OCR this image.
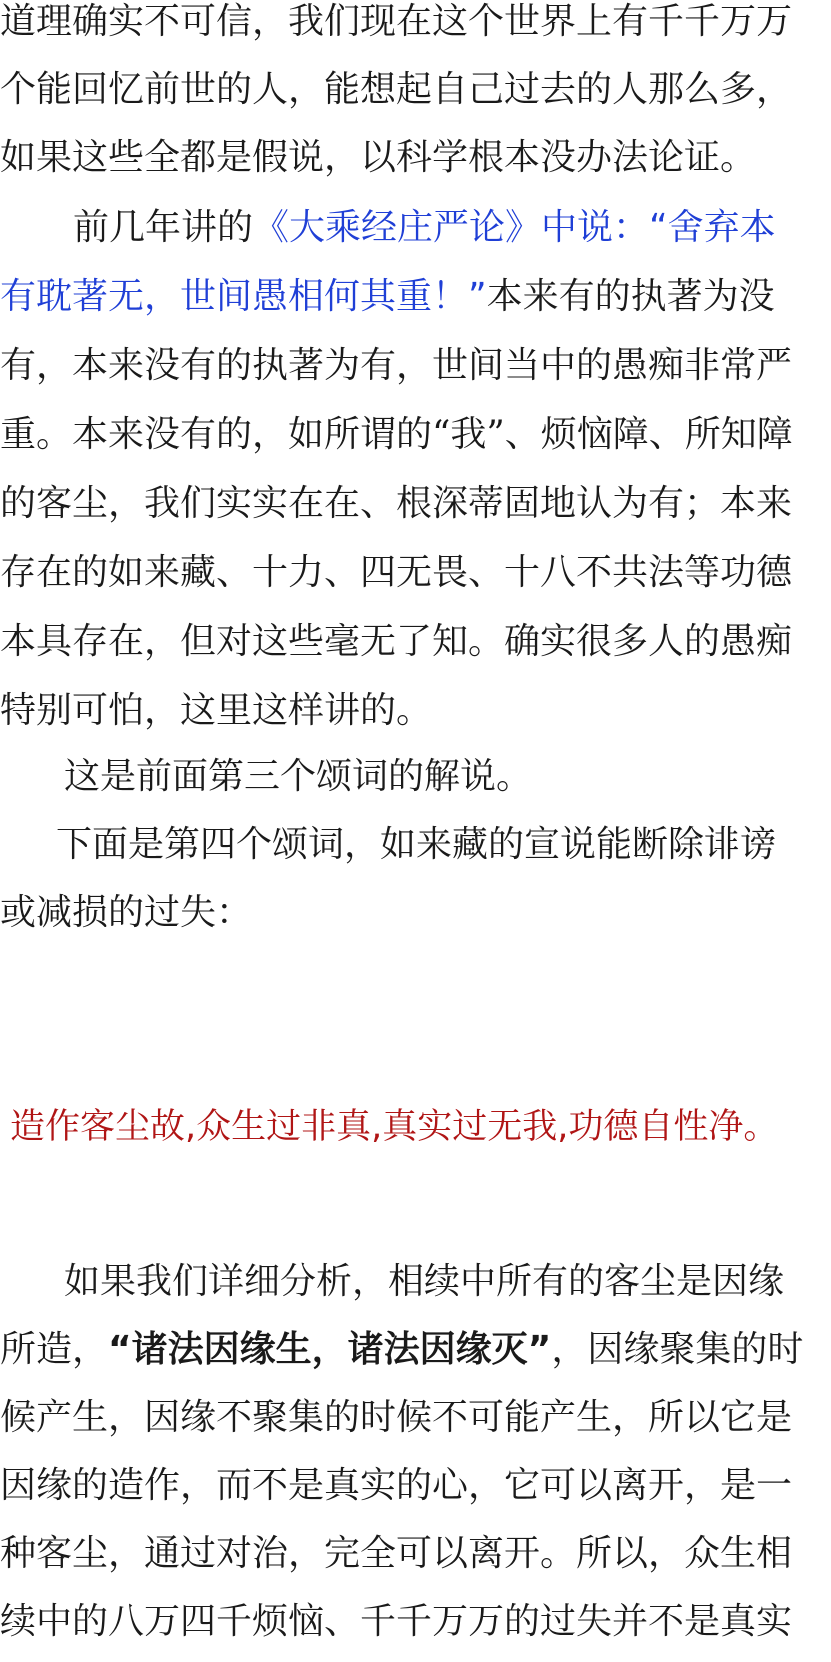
道理确实不可信，我们现在这个世界上有千千万万
个能回忆前世的人，能想起自己过去的人那么多，
如果这些全都是假说，以科学根本没办法论证。
前几年讲的《大乘经庄严论》中说：“舍弃本
有耽著无，世间愚相何其重！”本来有的执著为没
有，本来没有的执著为有，世间当中的愚痴非常严
重。本来没有的，如所谓的“我”、烦恼障、所知障
的客尘，我们实实在在、根深蒂固地认为有；本来
存在的如来藏、十力、四无畏、十八不共法等功德
本具存在，但对这些毫无了知。确实很多人的愚痴
特别可怕，这里这样讲的。
这是前面第三个颂词的解说。
下面是第四个颂词，如来藏的宣说能断除诽谤
或减损的过失：
造作客尘故,众生过非真,真实过无我,功德自性净。
如果我们详细分析，相续中所有的客尘是因缘
所造，“诸法因缘生，诸法因缘灭”，因缘聚集的时
候产生，因缘不聚集的时候不可能产生，所以它是
因缘的造作，而不是真实的心，它可以离开，是一
种客尘，通过对治，完全可以离开。所以，众生相
续中的八万四千烦恼、千千万万的过失并不是真实
